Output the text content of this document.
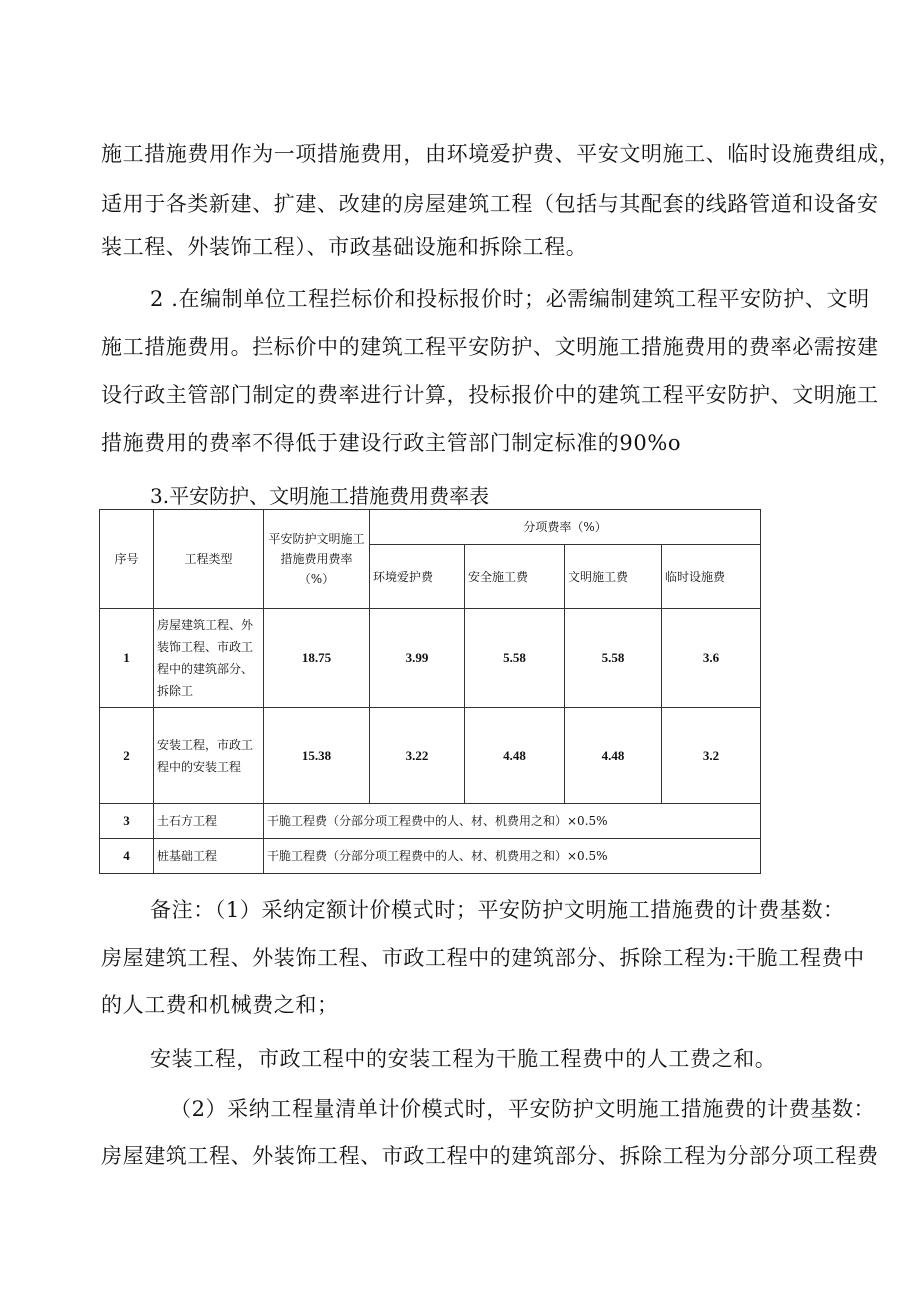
施工措施费用作为一项措施费用，由环境爱护费、平安文明施工、临时设施费组成，
适用于各类新建、扩建、改建的房屋建筑工程（包括与其配套的线路管道和设备安
装工程、外装饰工程）、市政基础设施和拆除工程。
2 .在编制单位工程拦标价和投标报价时；必需编制建筑工程平安防护、文明
施工措施费用。拦标价中的建筑工程平安防护、文明施工措施费用的费率必需按建
设行政主管部门制定的费率进行计算，投标报价中的建筑工程平安防护、文明施工
措施费用的费率不得低于建设行政主管部门制定标准的90%o
3.平安防护、文明施工措施费用费率表
序号	工程类型	平安防护文明施工措施费用费率（%）	分项费率（%）			
			环境爱护费	安全施工费	文明施工费	临时设施费
1	房屋建筑工程、外装饰工程、市政工程中的建筑部分、拆除工	18.75	3.99	5.58	5.58	3.6
2	安装工程，市政工程中的安装工程	15.38	3.22	4.48	4.48	3.2
3	土石方工程	干脆工程费（分部分项工程费中的人、材、机费用之和）×0.5%				
4	桩基础工程	干脆工程费（分部分项工程费中的人、材、机费用之和）×0.5%				
备注：（1）采纳定额计价模式时；平安防护文明施工措施费的计费基数：
房屋建筑工程、外装饰工程、市政工程中的建筑部分、拆除工程为:干脆工程费中
的人工费和机械费之和；
安装工程，市政工程中的安装工程为干脆工程费中的人工费之和。
（2）采纳工程量清单计价模式时，平安防护文明施工措施费的计费基数：
房屋建筑工程、外装饰工程、市政工程中的建筑部分、拆除工程为分部分项工程费
